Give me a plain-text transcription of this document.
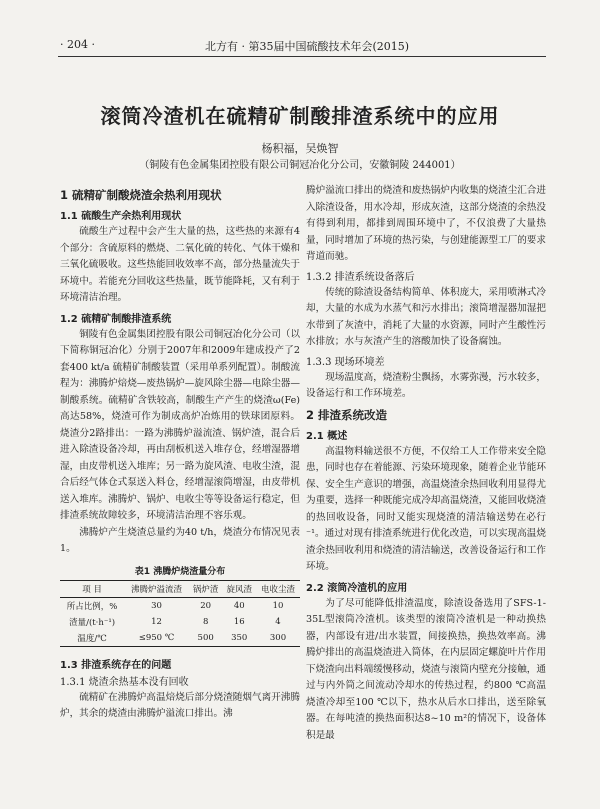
· 204 ·	北方有 · 第35届中国硫酸技术年会(2015)
滚筒冷渣机在硫精矿制酸排渣系统中的应用
杨积福，吴焕智
（铜陵有色金属集团控股有限公司铜冠冶化分公司，安徽铜陵 244001）
1 硫精矿制酸烧渣余热利用现状
1.1 硫酸生产余热利用现状

硫酸生产过程中会产生大量的热，这些热的来源有4个部分：含硫原料的燃烧、二氧化硫的转化、气体干燥和三氧化硫吸收。这些热能回收效率不高，部分热量流失于环境中。若能充分回收这些热量，既节能降耗，又有利于环境清洁治理。

1.2 硫精矿制酸排渣系统

铜陵有色金属集团控股有限公司铜冠冶化分公司（以下简称铜冠冶化）分别于2007年和2009年建成投产了2套400 kt/a 硫精矿制酸装置（采用单系列配置）。制酸流程为：沸腾炉焙烧—废热锅炉—旋风除尘器—电除尘器—制酸系统。硫精矿含铁较高，制酸生产产生的烧渣ω(Fe)高达58%，烧渣可作为制成高炉冶炼用的铁球团原料。烧渣分2路排出：一路为沸腾炉溢流渣、锅炉渣，混合后进入除渣设备冷却，再由刮板机送入堆存仓，经增湿器增湿，由皮带机送入堆库；另一路为旋风渣、电收尘渣，混合后经气体仓式泵送入料仓，经增湿滚筒增湿，由皮带机送入堆库。沸腾炉、锅炉、电收尘等等设备运行稳定，但排渣系统故障较多，环境清洁治理不容乐观。

沸腾炉产生烧渣总量约为40 t/h，烧渣分布情况见表1。

表1 沸腾炉烧渣量分布
项 目	沸腾炉溢流渣	锅炉渣	旋风渣	电收尘渣
所占比例，%	30	20	40	10
渣量/(t·h⁻¹)	12	8	16	4
温度/℃	≤950 ℃	500	350	300
1.3 排渣系统存在的问题
1.3.1 烧渣余热基本没有回收

硫精矿在沸腾炉高温焙烧后部分烧渣随烟气离开沸腾炉，其余的烧渣由沸腾炉溢流口排出。沸

腾炉溢流口排出的烧渣和废热锅炉内收集的烧渣尘汇合进入除渣设备，用水冷却，形成灰渣，这部分烧渣的余热没有得到利用，都排到周围环境中了，不仅浪费了大量热量，同时增加了环境的热污染，与创建能源型工厂的要求背道而驰。

1.3.2 排渣系统设备落后

传统的除渣设备结构简单、体积庞大，采用喷淋式冷却，大量的水成为水蒸气和污水排出；滚筒增湿器加湿把水带到了灰渣中，消耗了大量的水资源，同时产生酸性污水排放；水与灰渣产生的溶酸加快了设备腐蚀。

1.3.3 现场环境差

现场温度高，烧渣粉尘飘扬，水雾弥漫，污水较多，设备运行和工作环境差。

2 排渣系统改造
2.1 概述

高温物料输送很不方便，不仅给工人工作带来安全隐患，同时也存在着能源、污染环境现象，随着企业节能环保、安全生产意识的增强，高温烧渣余热回收利用显得尤为重要，选择一种既能完成冷却高温烧渣，又能回收烧渣的热回收设备，同时又能实现烧渣的清洁输送势在必行⁻¹。通过对现有排渣系统进行优化改造，可以实现高温烧渣余热回收利用和烧渣的清洁输送，改善设备运行和工作环境。

2.2 滚筒冷渣机的应用

为了尽可能降低排渣温度，除渣设备选用了SFS-1-35L型滚筒冷渣机。该类型的滚筒冷渣机是一种动换热器，内部设有进/出水装置，间接换热，换热效率高。沸腾炉排出的高温烧渣进入筒体，在内层固定螺旋叶片作用下烧渣向出料端缓慢移动，烧渣与滚筒内壁充分接触，通过与内外筒之间流动冷却水的传热过程，约800 ℃高温烧渣冷却至100 ℃以下，热水从后水口排出，送至除氧器。在每吨渣的换热面积达8~10 m²的情况下，设备体积是最
